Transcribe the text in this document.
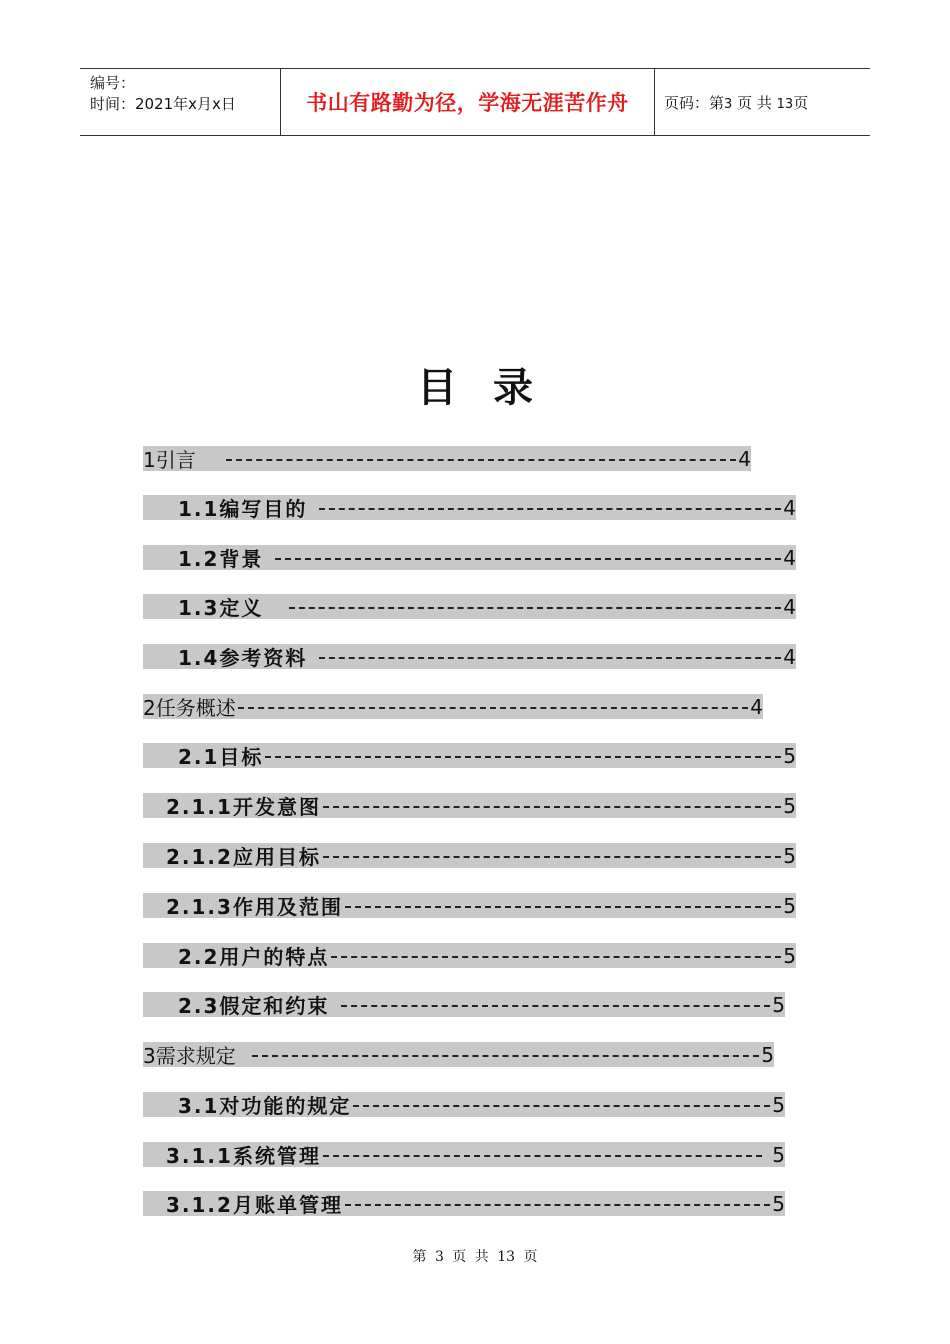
编号：
时间：2021年x月x日	书山有路勤为径，学海无涯苦作舟 页码：第3 页 共 13页
目 录
1引言	4
1.1编写目的	4
1.2背景	4
1.3定义	4
1.4参考资料	4
2任务概述	4
2.1目标	5
2.1.1开发意图	5
2.1.2应用目标	5
2.1.3作用及范围	5
2.2用户的特点	5
2.3假定和约束	5
3需求规定	5
3.1对功能的规定	5
3.1.1系统管理	5
3.1.2月账单管理	5
第 3 页 共 13 页
